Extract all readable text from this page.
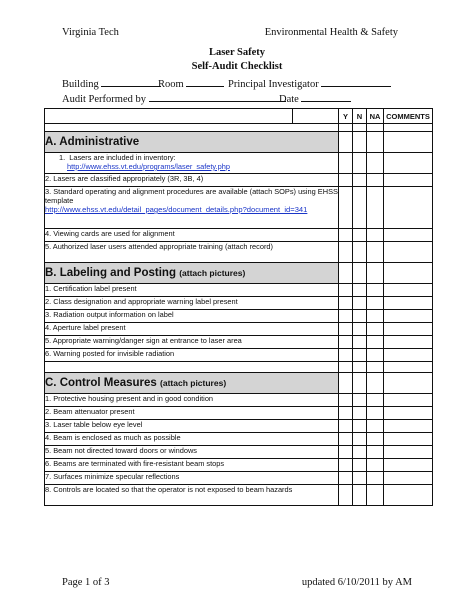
Virginia Tech	Environmental Health & Safety
Laser Safety
Self-Audit Checklist
Building	Room	Principal Investigator
Audit Performed by	Date
		Y	N	NA	COMMENTS

A. Administrative					

1.  Lasers are included in inventory:
http://www.ehss.vt.edu/programs/laser_safety.php					

2. Lasers are classified appropriately (3R, 3B, 4)					
3. Standard operating and alignment procedures are available (attach SOPs) using EHSS template
http://www.ehss.vt.edu/detail_pages/document_details.php?document_id=341					
4. Viewing cards are used for alignment					
5. Authorized laser users attended appropriate training (attach record)					
B. Labeling and Posting (attach pictures)					
1. Certification label present					
2. Class designation and appropriate warning label present					
3. Radiation output information on label					
4. Aperture label present					
5. Appropriate warning/danger sign at entrance to laser area					
6. Warning posted for invisible radiation					

C. Control Measures (attach pictures)					
1. Protective housing present and in good condition					
2. Beam attenuator present					
3. Laser table below eye level					
4. Beam is enclosed as much as possible					
5. Beam not directed toward doors or windows					
6. Beams are terminated with fire-resistant beam stops					
7. Surfaces minimize specular reflections					
8. Controls are located so that the operator is not exposed to beam hazards					
Page 1 of 3	updated 6/10/2011 by AM
